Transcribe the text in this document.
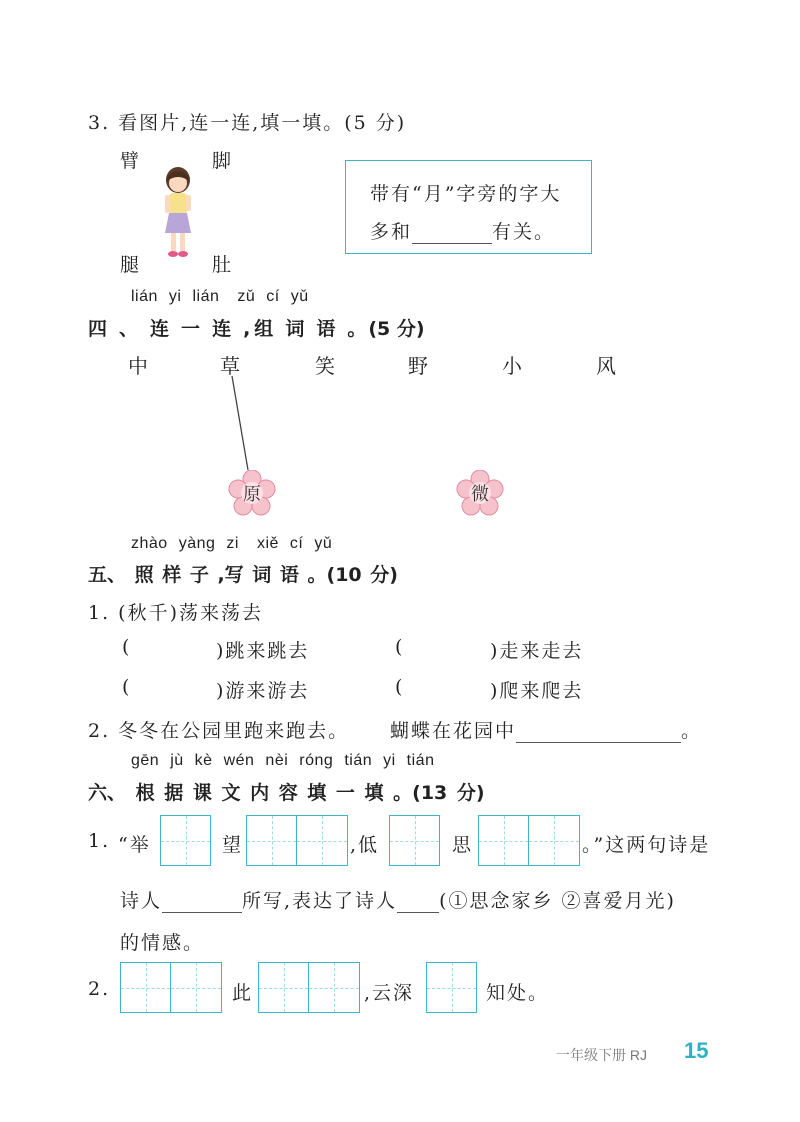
3. 看图片,连一连,填一填。(5 分)
臂	脚
腿	肚
带有“月”字旁的字大
多和	有关。
lián yi lián zǔ cí yǔ
四 、 连 一 连 , 组 词 语 。 (5 分)
中	草	笑	野	小	风
原	微
zhào yàng zi xiě cí yǔ
五、 照 样 子 ,写 词 语 。(10 分)
1. (秋千)荡来荡去
(	)跳来跳去	(	)走来走去
(	)游来游去	(	)爬来爬去
2. 冬冬在公园里跑来跑去。 蝴蝶在花园中	。
gēn jù kè wén nèi róng tián yi tián
六、 根 据 课 文 内 容 填 一 填 。(13 分)
1. “举	望	,低	思	。”这两句诗是
诗人	所写,表达了诗人 (①思念家乡 ②喜爱月光)
的情感。
2.	此	,云深	知处。
一年级下册 RJ 15
